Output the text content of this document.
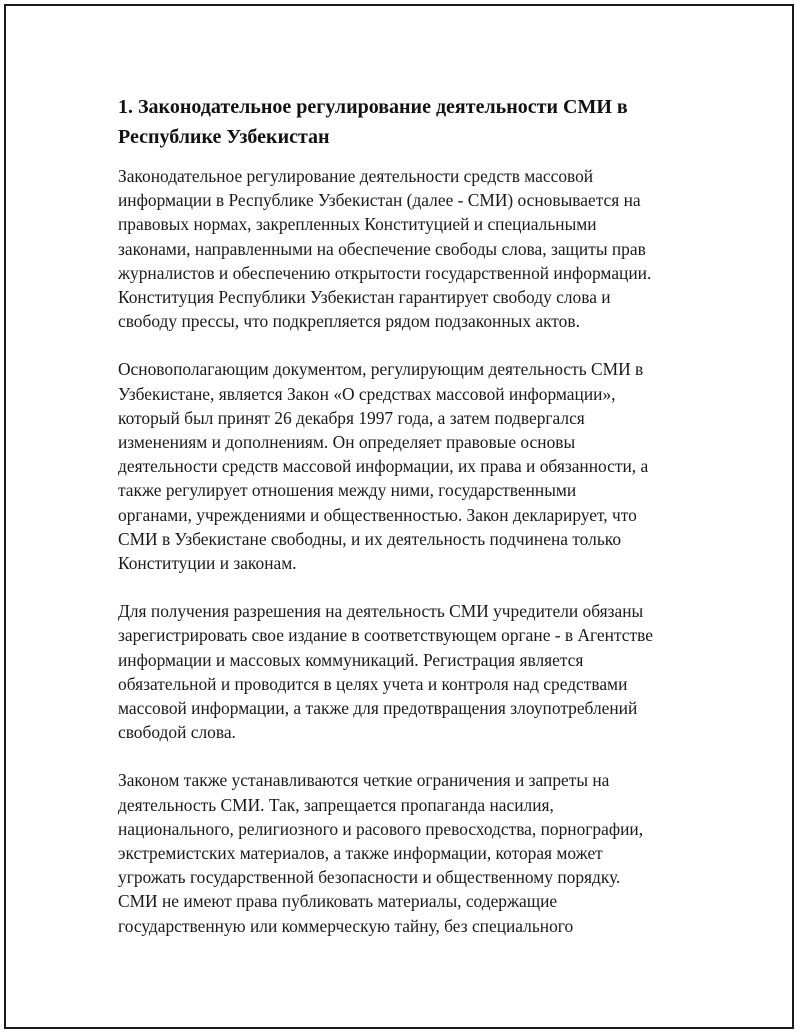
1. Законодательное регулирование деятельности СМИ в
Республике Узбекистан

Законодательное регулирование деятельности средств массовой
информации в Республике Узбекистан (далее - СМИ) основывается на
правовых нормах, закрепленных Конституцией и специальными
законами, направленными на обеспечение свободы слова, защиты прав
журналистов и обеспечению открытости государственной информации.
Конституция Республики Узбекистан гарантирует свободу слова и
свободу прессы, что подкрепляется рядом подзаконных актов.

Основополагающим документом, регулирующим деятельность СМИ в
Узбекистане, является Закон «О средствах массовой информации»,
который был принят 26 декабря 1997 года, а затем подвергался
изменениям и дополнениям. Он определяет правовые основы
деятельности средств массовой информации, их права и обязанности, а
также регулирует отношения между ними, государственными
органами, учреждениями и общественностью. Закон декларирует, что
СМИ в Узбекистане свободны, и их деятельность подчинена только
Конституции и законам.

Для получения разрешения на деятельность СМИ учредители обязаны
зарегистрировать свое издание в соответствующем органе - в Агентстве
информации и массовых коммуникаций. Регистрация является
обязательной и проводится в целях учета и контроля над средствами
массовой информации, а также для предотвращения злоупотреблений
свободой слова.

Законом также устанавливаются четкие ограничения и запреты на
деятельность СМИ. Так, запрещается пропаганда насилия,
национального, религиозного и расового превосходства, порнографии,
экстремистских материалов, а также информации, которая может
угрожать государственной безопасности и общественному порядку.
СМИ не имеют права публиковать материалы, содержащие
государственную или коммерческую тайну, без специального
